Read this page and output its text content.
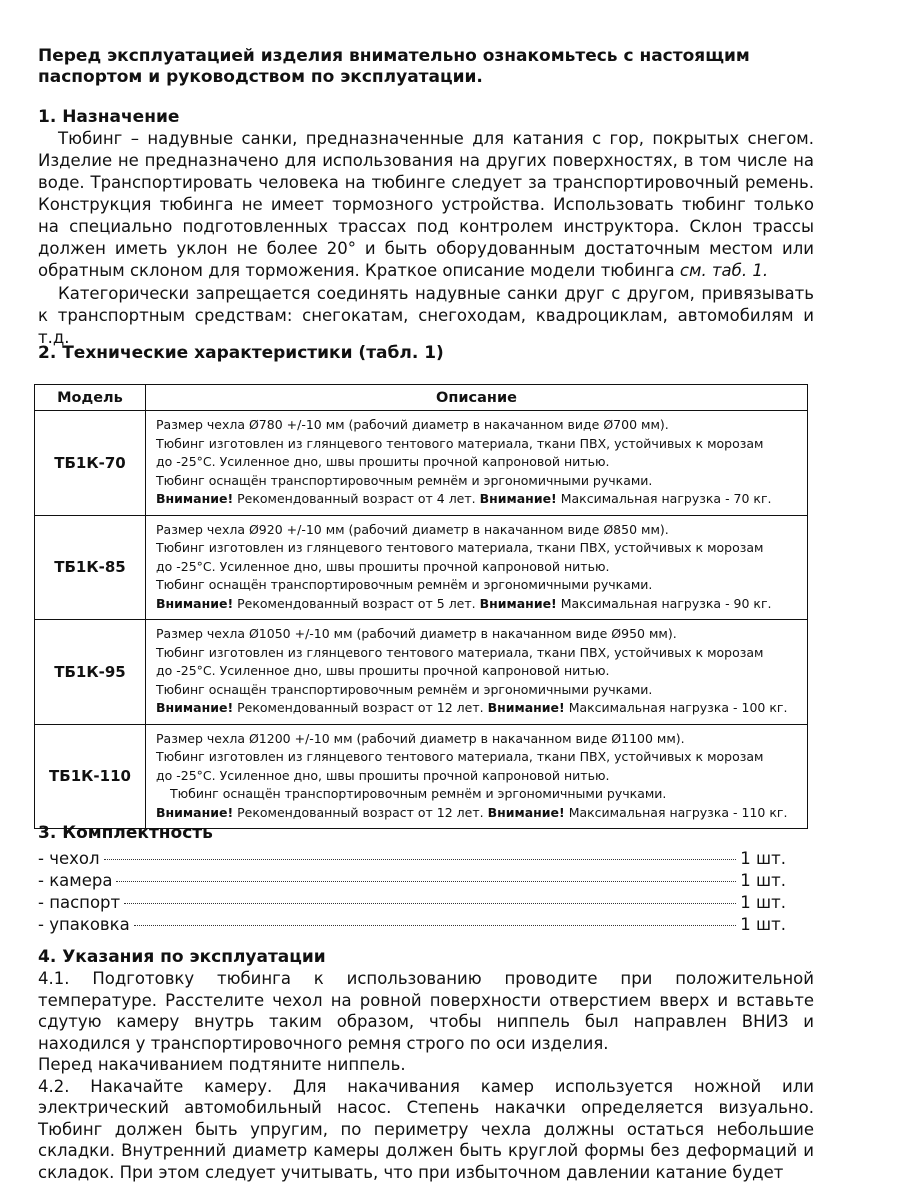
Перед эксплуатацией изделия внимательно ознакомьтесь с настоящим паспортом и руководством по эксплуатации.
1. Назначение
Тюбинг – надувные санки, предназначенные для катания с гор, покрытых снегом. Изделие не предназначено для использования на других поверхностях, в том числе на воде. Транспортировать человека на тюбинге следует за транспортировочный ремень. Конструкция тюбинга не имеет тормозного устройства. Использовать тюбинг только на специально подготовленных трассах под контролем инструктора. Склон трассы должен иметь уклон не более 20° и быть оборудованным достаточным местом или обратным склоном для торможения. Краткое описание модели тюбинга см. таб. 1.
Категорически запрещается соединять надувные санки друг с другом, привязывать к транспортным средствам: снегокатам, снегоходам, квадроциклам, автомобилям и т.д.
2. Технические характеристики (табл. 1)
Модель	Описание
ТБ1К-70	Размер чехла Ø780 +/-10 мм (рабочий диаметр в накачанном виде Ø700 мм).
Тюбинг изготовлен из глянцевого тентового материала, ткани ПВХ, устойчивых к морозам
до -25°С. Усиленное дно, швы прошиты прочной капроновой нитью.
Тюбинг оснащён транспортировочным ремнём и эргономичными ручками.
Внимание! Рекомендованный возраст от 4 лет. Внимание! Максимальная нагрузка - 70 кг.

ТБ1К-85	Размер чехла Ø920 +/-10 мм (рабочий диаметр в накачанном виде Ø850 мм).
Тюбинг изготовлен из глянцевого тентового материала, ткани ПВХ, устойчивых к морозам
до -25°С. Усиленное дно, швы прошиты прочной капроновой нитью.
Тюбинг оснащён транспортировочным ремнём и эргономичными ручками.
Внимание! Рекомендованный возраст от 5 лет. Внимание! Максимальная нагрузка - 90 кг.

ТБ1К-95	Размер чехла Ø1050 +/-10 мм (рабочий диаметр в накачанном виде Ø950 мм).
Тюбинг изготовлен из глянцевого тентового материала, ткани ПВХ, устойчивых к морозам
до -25°С. Усиленное дно, швы прошиты прочной капроновой нитью.
Тюбинг оснащён транспортировочным ремнём и эргономичными ручками.
Внимание! Рекомендованный возраст от 12 лет. Внимание! Максимальная нагрузка - 100 кг.

ТБ1К-110	Размер чехла Ø1200 +/-10 мм (рабочий диаметр в накачанном виде Ø1100 мм).
Тюбинг изготовлен из глянцевого тентового материала, ткани ПВХ, устойчивых к морозам
до -25°С. Усиленное дно, швы прошиты прочной капроновой нитью.
Тюбинг оснащён транспортировочным ремнём и эргономичными ручками.
Внимание! Рекомендованный возраст от 12 лет. Внимание! Максимальная нагрузка - 110 кг.
3. Комплектность
- чехол	1 шт.
- камера	1 шт.
- паспорт	1 шт.
- упаковка	1 шт.
4. Указания по эксплуатации

4.1. Подготовку тюбинга к использованию проводите при положительной температуре. Расстелите чехол на ровной поверхности отверстием вверх и вставьте сдутую камеру внутрь таким образом, чтобы ниппель был направлен ВНИЗ и находился у транспортировочного ремня строго по оси изделия.

Перед накачиванием подтяните ниппель.

4.2. Накачайте камеру. Для накачивания камер используется ножной или электрический автомобильный насос. Степень накачки определяется визуально. Тюбинг должен быть упругим, по периметру чехла должны остаться небольшие складки. Внутренний диаметр камеры должен быть круглой формы без деформаций и складок. При этом следует учитывать, что при избыточном давлении катание будет
